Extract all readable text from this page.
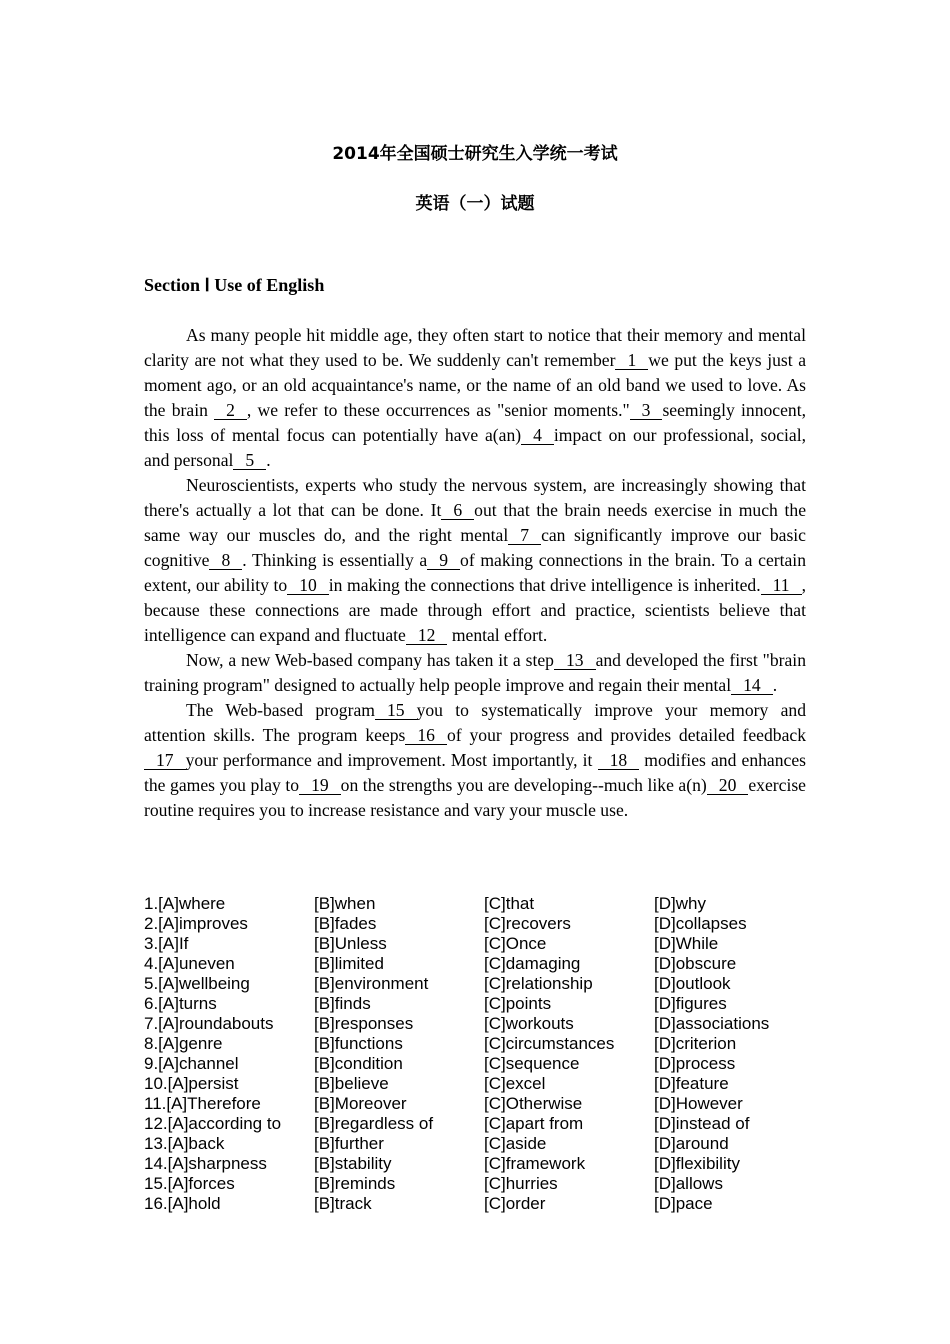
2014年全国硕士研究生入学统一考试
英语（一）试题
Section Ⅰ Use of English

As many people hit middle age, they often start to notice that their memory and mental clarity are not what they used to be. We suddenly can't remember 1 we put the keys just a moment ago, or an old acquaintance's name, or the name of an old band we used to love. As the brain 2 , we refer to these occurrences as "senior moments." 3 seemingly innocent, this loss of mental focus can potentially have a(an) 4 impact on our professional, social, and personal 5 .

Neuroscientists, experts who study the nervous system, are increasingly showing that there's actually a lot that can be done. It 6 out that the brain needs exercise in much the same way our muscles do, and the right mental 7 can significantly improve our basic cognitive 8 . Thinking is essentially a 9 of making connections in the brain. To a certain extent, our ability to 10 in making the connections that drive intelligence is inherited. 11 , because these connections are made through effort and practice, scientists believe that intelligence can expand and fluctuate 12 mental effort.

Now, a new Web-based company has taken it a step 13 and developed the first "brain training program" designed to actually help people improve and regain their mental 14 .

The Web-based program 15 you to systematically improve your memory and attention skills. The program keeps 16 of your progress and provides detailed feedback17 your performance and improvement. Most importantly, it 18 modifies and enhances the games you play to 19 on the strengths you are developing--much like a(n) 20 exercise routine requires you to increase resistance and vary your muscle use.

1.[A]where	[B]when	[C]that	[D]why
2.[A]improves	[B]fades	[C]recovers	[D]collapses
3.[A]If	[B]Unless	[C]Once	[D]While
4.[A]uneven	[B]limited	[C]damaging	[D]obscure
5.[A]wellbeing	[B]environment	[C]relationship	[D]outlook
6.[A]turns	[B]finds	[C]points	[D]figures
7.[A]roundabouts	[B]responses	[C]workouts	[D]associations
8.[A]genre	[B]functions	[C]circumstances	[D]criterion
9.[A]channel	[B]condition	[C]sequence	[D]process
10.[A]persist	[B]believe	[C]excel	[D]feature
11.[A]Therefore	[B]Moreover	[C]Otherwise	[D]However
12.[A]according to	[B]regardless of	[C]apart from	[D]instead of
13.[A]back	[B]further	[C]aside	[D]around
14.[A]sharpness	[B]stability	[C]framework	[D]flexibility
15.[A]forces	[B]reminds	[C]hurries	[D]allows
16.[A]hold	[B]track	[C]order	[D]pace
